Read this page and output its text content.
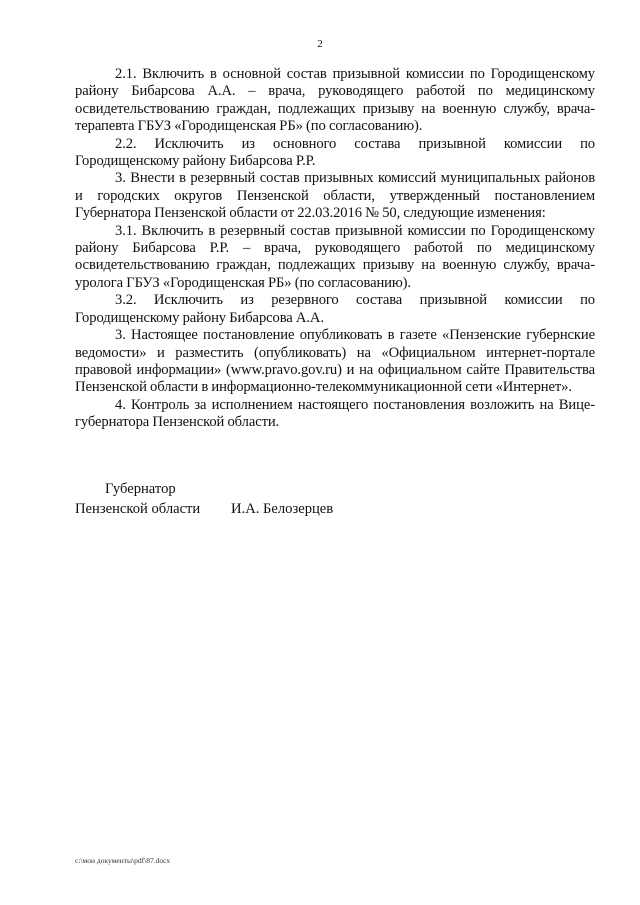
2

2.1. Включить в основной состав призывной комиссии по Городищенскому району Бибарсова А.А. – врача, руководящего работой по медицинскому освидетельствованию граждан, подлежащих призыву на военную службу, врача-терапевта ГБУЗ «Городищенская РБ» (по согласованию).

2.2. Исключить из основного состава призывной комиссии по Городищенскому району Бибарсова Р.Р.

3. Внести в резервный состав призывных комиссий муниципальных районов и городских округов Пензенской области, утвержденный постановлением Губернатора Пензенской области от 22.03.2016 № 50, следующие изменения:

3.1. Включить в резервный состав призывной комиссии по Городищенскому району Бибарсова Р.Р. – врача, руководящего работой по медицинскому освидетельствованию граждан, подлежащих призыву на военную службу, врача-уролога ГБУЗ «Городищенская РБ» (по согласованию).

3.2. Исключить из резервного состава призывной комиссии по Городищенскому району Бибарсова А.А.

3. Настоящее постановление опубликовать в газете «Пензенские губернские ведомости» и разместить (опубликовать) на «Официальном интернет-портале правовой информации» (www.pravo.gov.ru) и на официальном сайте Правительства Пензенской области в информационно-телекоммуникационной сети «Интернет».

4. Контроль за исполнением настоящего постановления возложить на Вице-губернатора Пензенской области.

Губернатор
Пензенской области	И.А. Белозерцев
c:\мои документы\pdf\87.docx
